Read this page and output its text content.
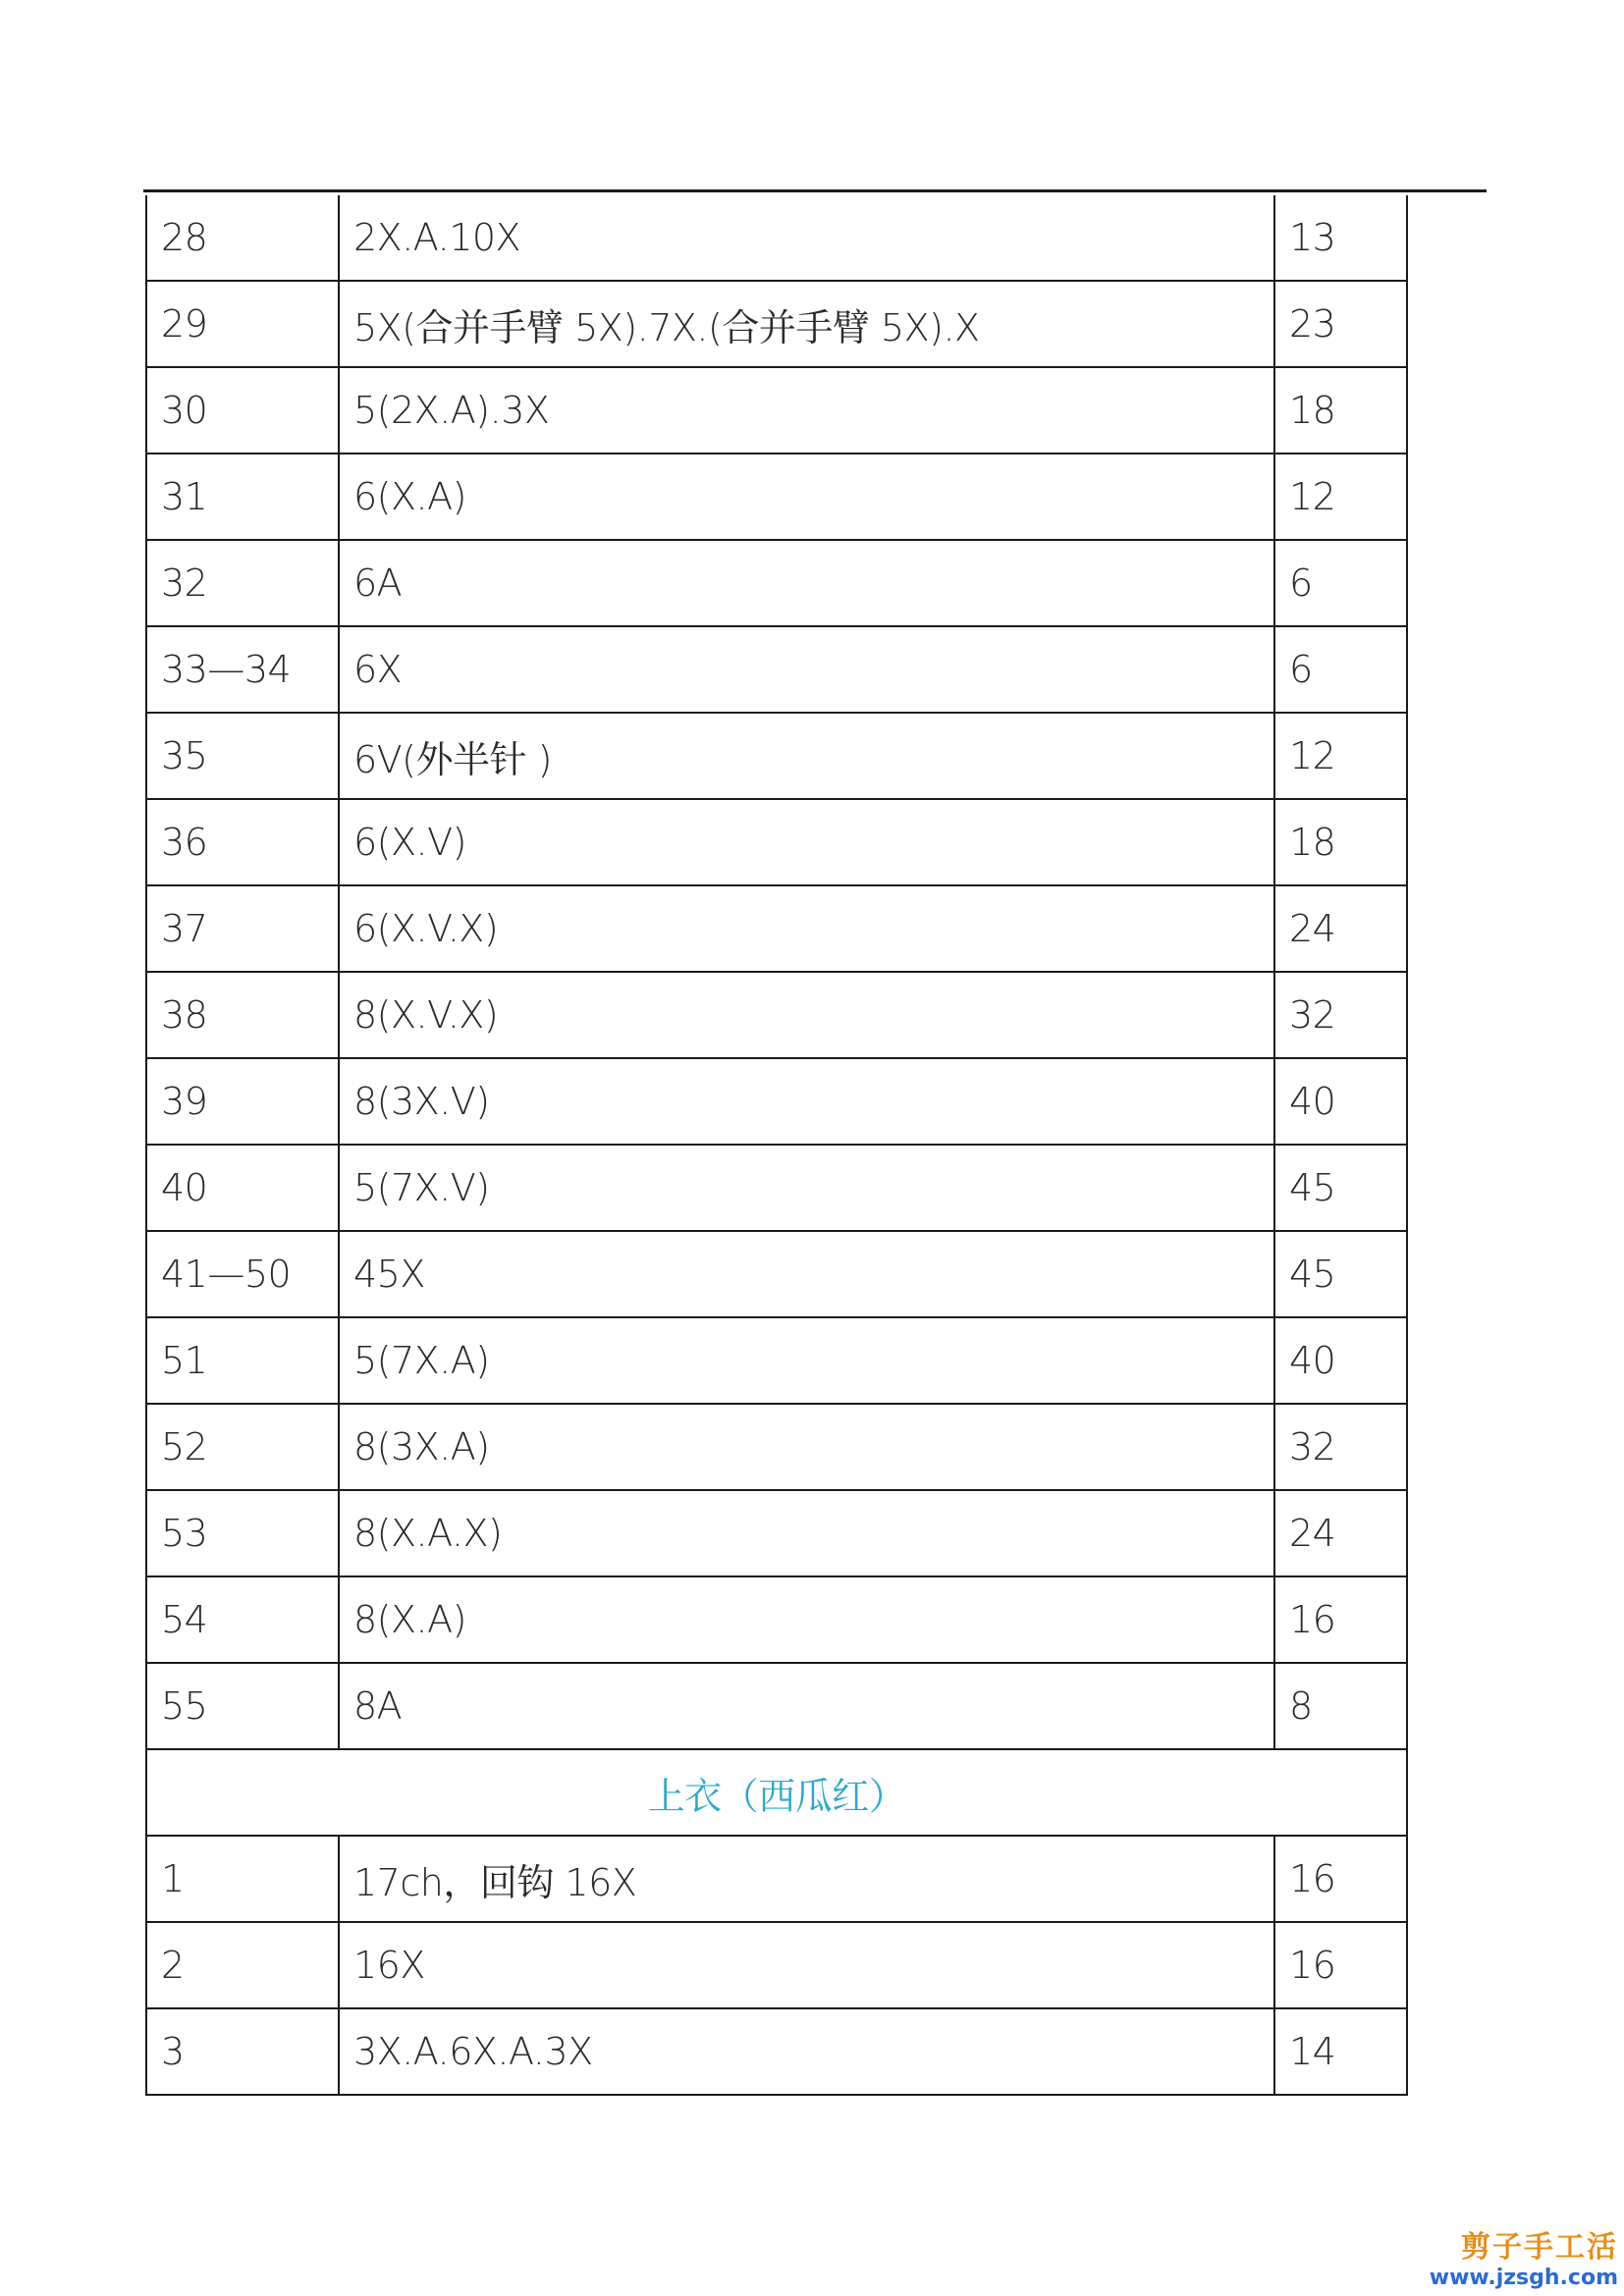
28	2X.A.10X	13
29	5X(合并手臂 5X).7X.(合并手臂 5X).X	23
30	5(2X.A).3X	18
31	6(X.A)	12
32	6A	6
33—34	6X	6
35	6V(外半针 )	12
36	6(X.V)	18
37	6(X.V.X)	24
38	8(X.V.X)	32
39	8(3X.V)	40
40	5(7X.V)	45
41—50	45X	45
51	5(7X.A)	40
52	8(3X.A)	32
53	8(X.A.X)	24
54	8(X.A)	16
55	8A	8
上衣（西瓜红）		
1	17ch，回钩 16X	16
2	16X	16
3	3X.A.6X.A.3X	14
剪子手工活
www.jzsgh.com
